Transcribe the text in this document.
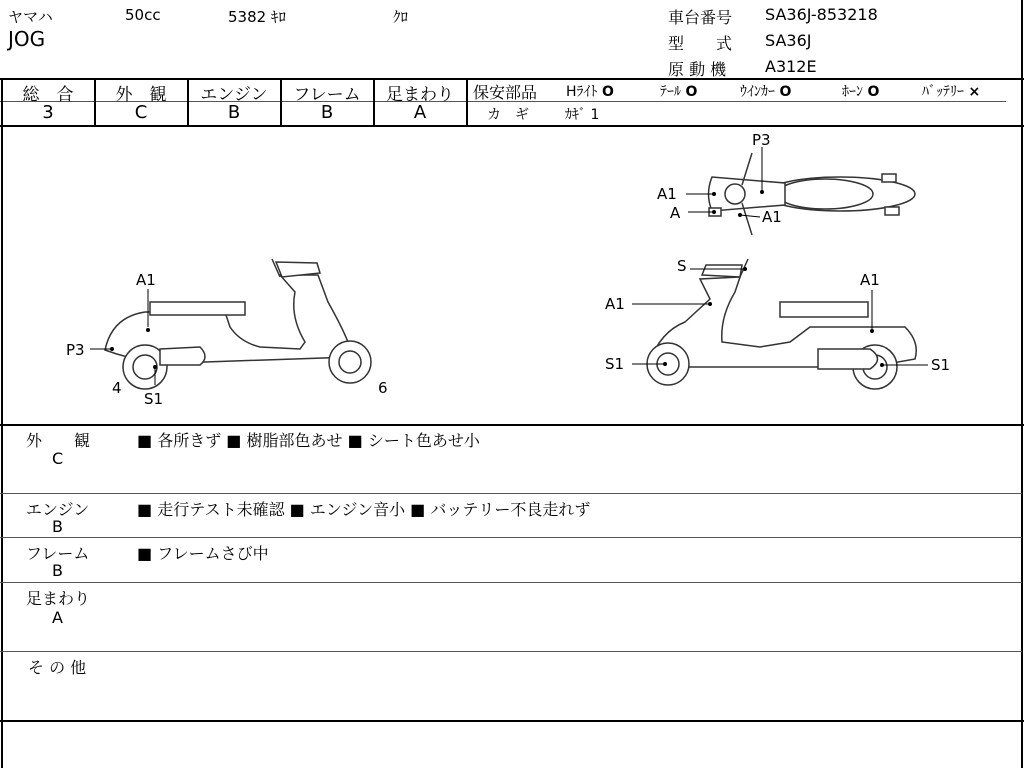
ヤマハ	50cc	5382 ｷﾛ	ｸﾛ
JOG
車台番号 SA36J-853218
型　　式 SA36J
原 動 機 A312E
総　合	外　観	エンジン	フレーム	足まわり
3	C	B	B	A
保安部品 Hﾗｲﾄ O	ﾃｰﾙ O	ｳｲﾝｶｰ O	ﾎｰﾝ O	ﾊﾞｯﾃﾘｰ ×
カ　ギ	ｶｷﾞ 1
A1
P3
4
S1
6
S
A1
S1
A1
S1
P3
A1
A	A1
外　　観
C
■ 各所きず ■ 樹脂部色あせ ■ シート色あせ小
エンジン
B
■ 走行テスト未確認 ■ エンジン音小 ■ バッテリー不良走れず
フレーム
B
■ フレームさび中
足まわり
A
そ の 他
